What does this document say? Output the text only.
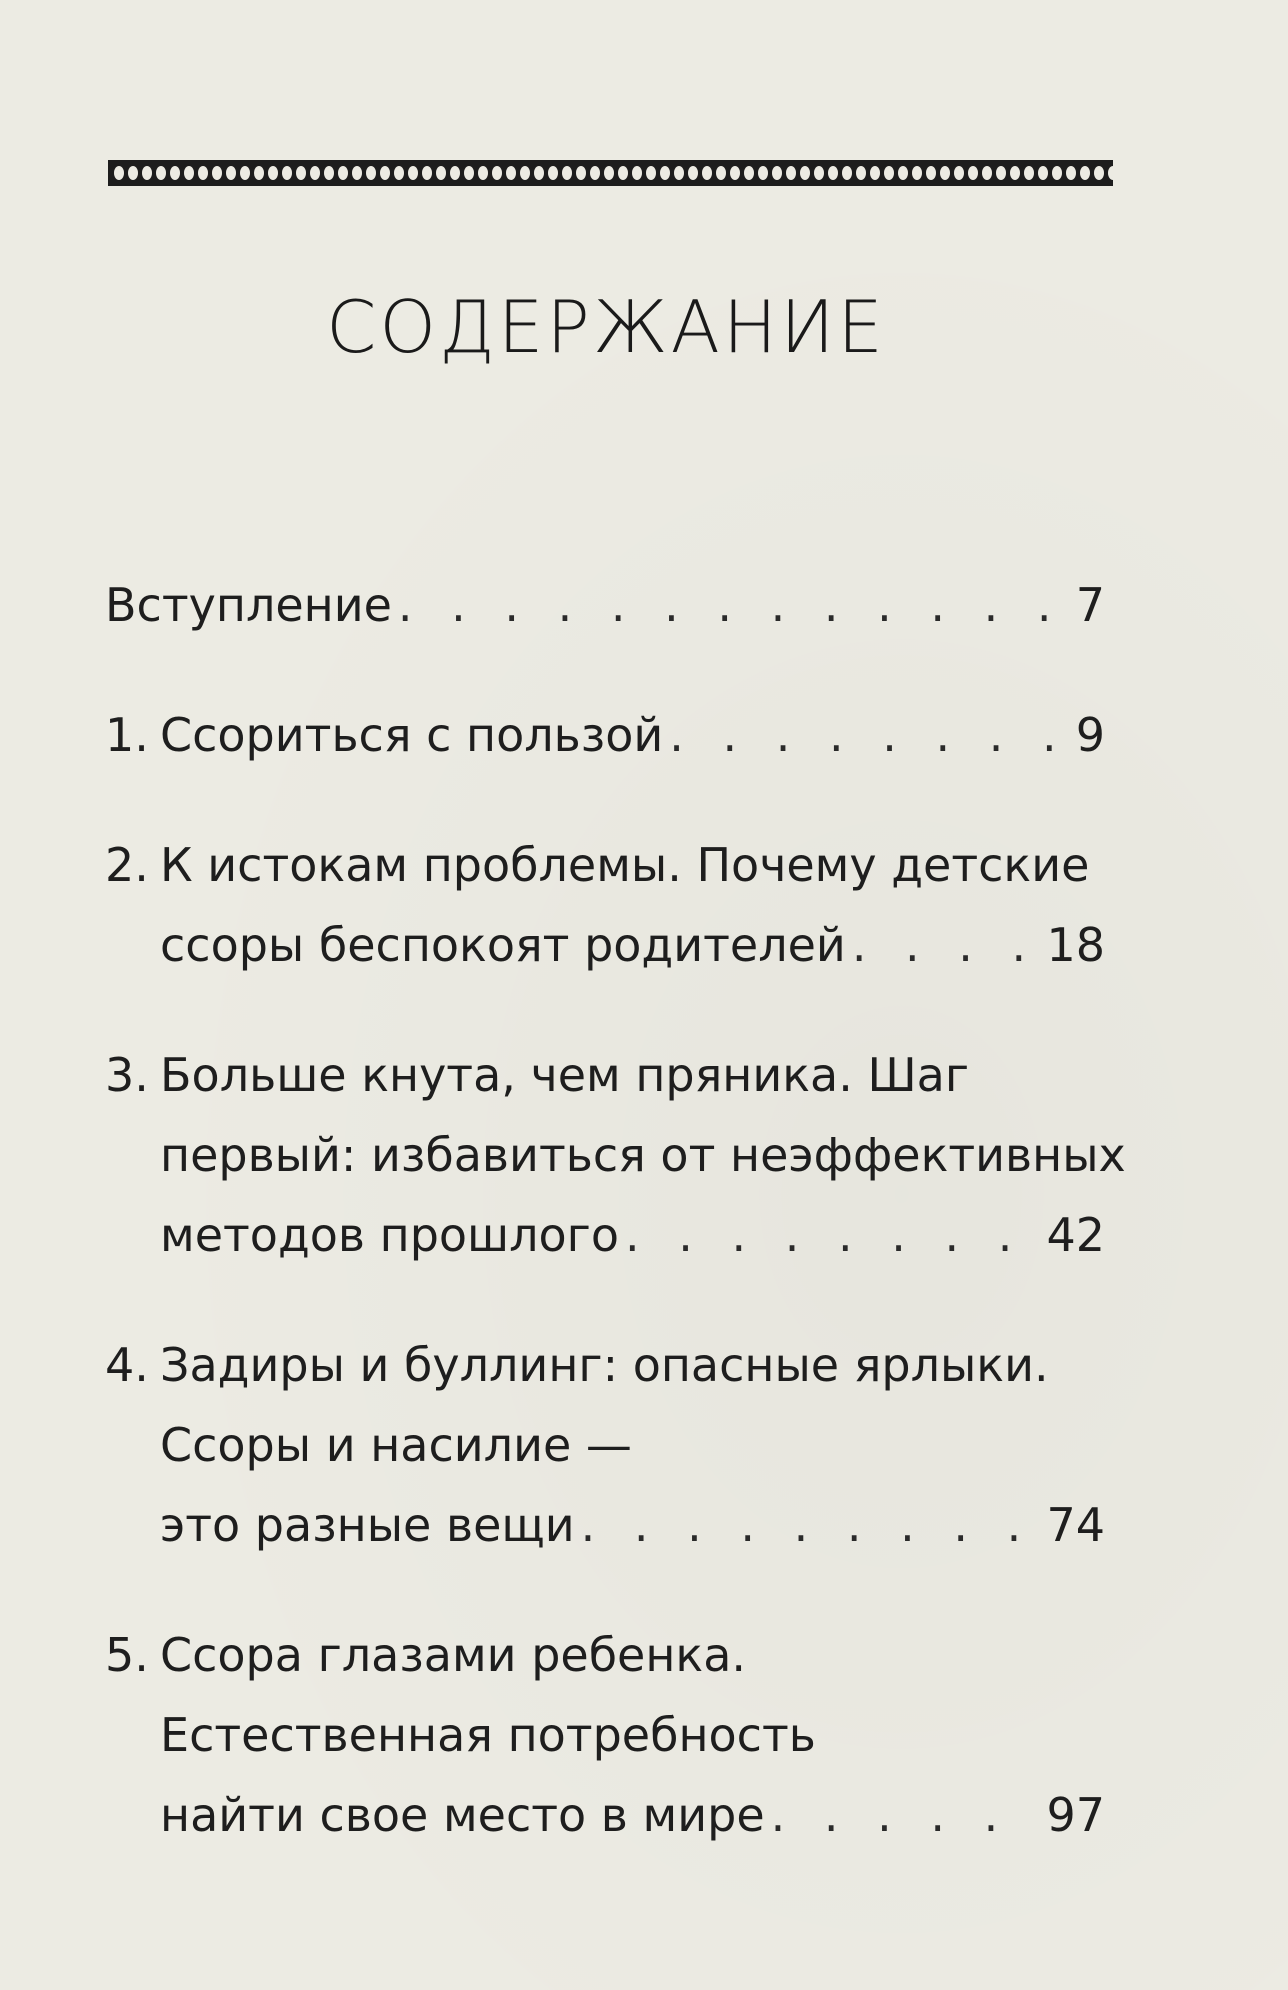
СОДЕРЖАНИЕ
Вступление . . .	7
1. Ссориться с пользой . . .	9
2. К истокам проблемы. Почему детские
ссоры беспокоят родителей . . .	18
3. Больше кнута, чем пряника. Шаг
первый: избавиться от неэффективных
методов прошлого . . .	42
4. Задиры и буллинг: опасные ярлыки.
Ссоры и насилие —
это разные вещи . . .	74
5. Ссора глазами ребенка.
Естественная потребность
найти свое место в мире . . .	97
